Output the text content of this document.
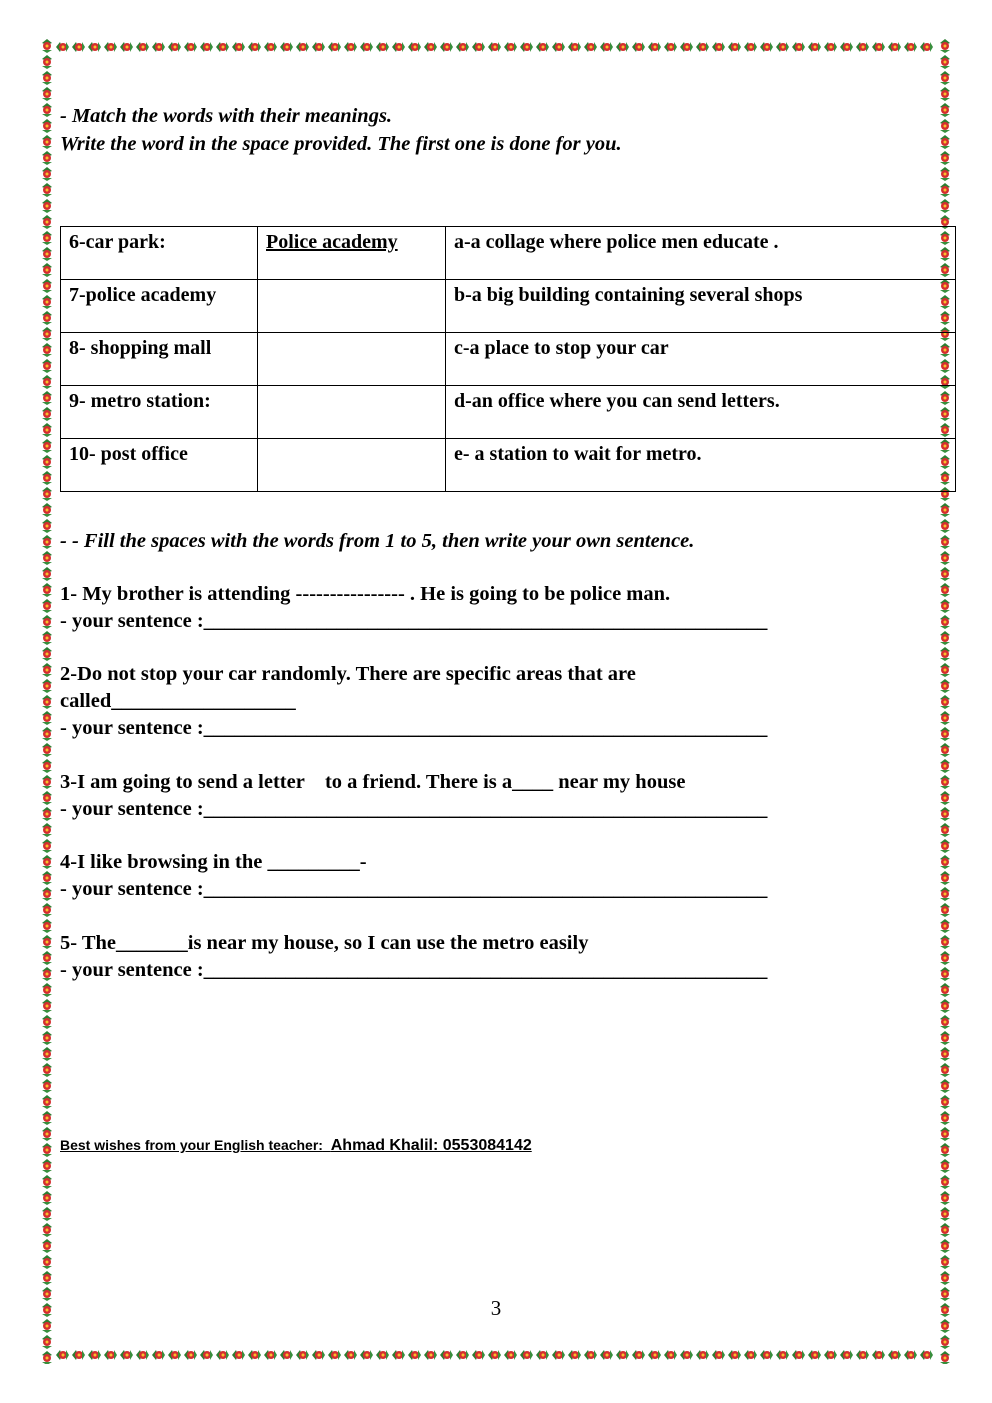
- Match the words with their meanings.
Write the word in the space provided. The first one is done for you.
6-car park:	Police academy	a-a collage where police men educate .
7-police academy		b-a big building containing several shops
8- shopping mall		c-a place to stop your car
9- metro station:		d-an office where you can send letters.
10- post office		e- a station to wait for metro.
- - Fill the spaces with the words from 1 to 5, then write your own sentence.
1- My brother is attending ---------------- . He is going to be police man.
- your sentence :_______________________________________________________
2-Do not stop your car randomly. There are specific areas that are
called__________________
- your sentence :_______________________________________________________
3-I am going to send a letter    to a friend. There is a____ near my house
- your sentence :_______________________________________________________
4-I like browsing in the _________-
- your sentence :_______________________________________________________
5- The_______is near my house, so I can use the metro easily
- your sentence :_______________________________________________________
Best wishes from your English teacher: Ahmad Khalil: 0553084142
3
